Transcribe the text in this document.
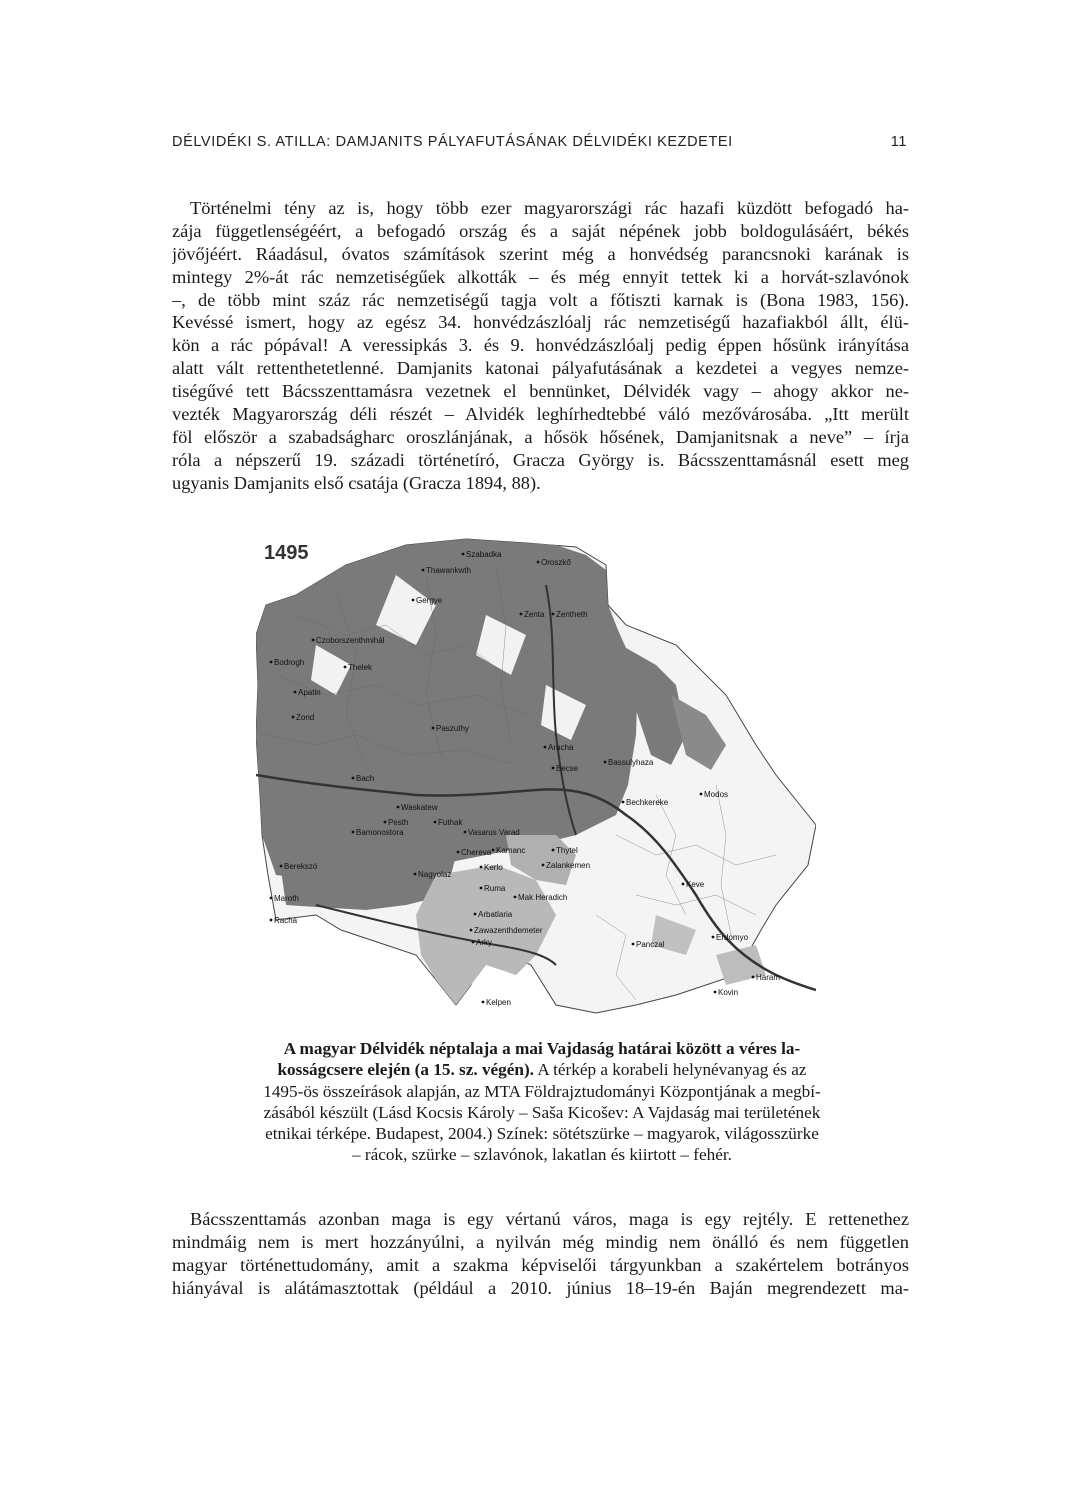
DÉLVIDÉKI S. ATILLA: DAMJANITS PÁLYAFUTÁSÁNAK DÉLVIDÉKI KEZDETEI	11
Történelmi tény az is, hogy több ezer magyarországi rác hazafi küzdött befogadó ha-
zája függetlenségéért, a befogadó ország és a saját népének jobb boldogulásáért, békés
jövőjéért. Ráadásul, óvatos számítások szerint még a honvédség parancsnoki karának is
mintegy 2%-át rác nemzetiségűek alkották – és még ennyit tettek ki a horvát-szlavónok
–, de több mint száz rác nemzetiségű tagja volt a főtiszti karnak is (Bona 1983, 156).
Kevéssé ismert, hogy az egész 34. honvédzászlóalj rác nemzetiségű hazafiakból állt, élü-
kön a rác pópával! A veressipkás 3. és 9. honvédzászlóalj pedig éppen hősünk irányítása
alatt vált rettenthetetlenné. Damjanits katonai pályafutásának a kezdetei a vegyes nemze-
tiségűvé tett Bácsszenttamásra vezetnek el bennünket, Délvidék vagy – ahogy akkor ne-
vezték Magyarország déli részét – Alvidék leghírhedtebbé váló mezővárosába. „Itt merült
föl először a szabadságharc oroszlánjának, a hősök hősének, Damjanitsnak a neve” – írja
róla a népszerű 19. századi történetíró, Gracza György is. Bácsszenttamásnál esett meg
ugyanis Damjanits első csatája (Gracza 1894, 88).
1495	Szabadka
Thawankwth
Oroszkő
Gergye
Zenta Zentheth
Czoborszenthmihál
Bodrogh
Thelek
Apatin
Zond
Aracha
Becse
Bassulyhaza
Paszuthy
Bach
Bechkereke
Modos
Waskatew
Vasarus Varad
Pesth	Futhak
Bamonostora
Chereva Kamanc	Thytel
Zalankemen
Berekszó
Nagyolaz
Kerlo
Ruma
Mak Heradich
Arbatlaria
Zawazenthdemeter
Maroth
Racha
Arky	Panczal
Keve
Erdomyo
Haram
Kovin
Kelpen
A magyar Délvidék néptalaja a mai Vajdaság határai között a véres la-
kosságcsere elején (a 15. sz. végén). A térkép a korabeli helynévanyag és az
1495-ös összeírások alapján, az MTA Földrajztudományi Központjának a megbí-
zásából készült (Lásd Kocsis Károly – Saša Kicošev: A Vajdaság mai területének
etnikai térképe. Budapest, 2004.) Színek: sötétszürke – magyarok, világosszürke
– rácok, szürke – szlavónok, lakatlan és kiirtott – fehér.
Bácsszenttamás azonban maga is egy vértanú város, maga is egy rejtély. E rettenethez
mindmáig nem is mert hozzányúlni, a nyilván még mindig nem önálló és nem független
magyar történettudomány, amit a szakma képviselői tárgyunkban a szakértelem botrányos
hiányával is alátámasztottak (például a 2010. június 18–19-én Baján megrendezett ma-
